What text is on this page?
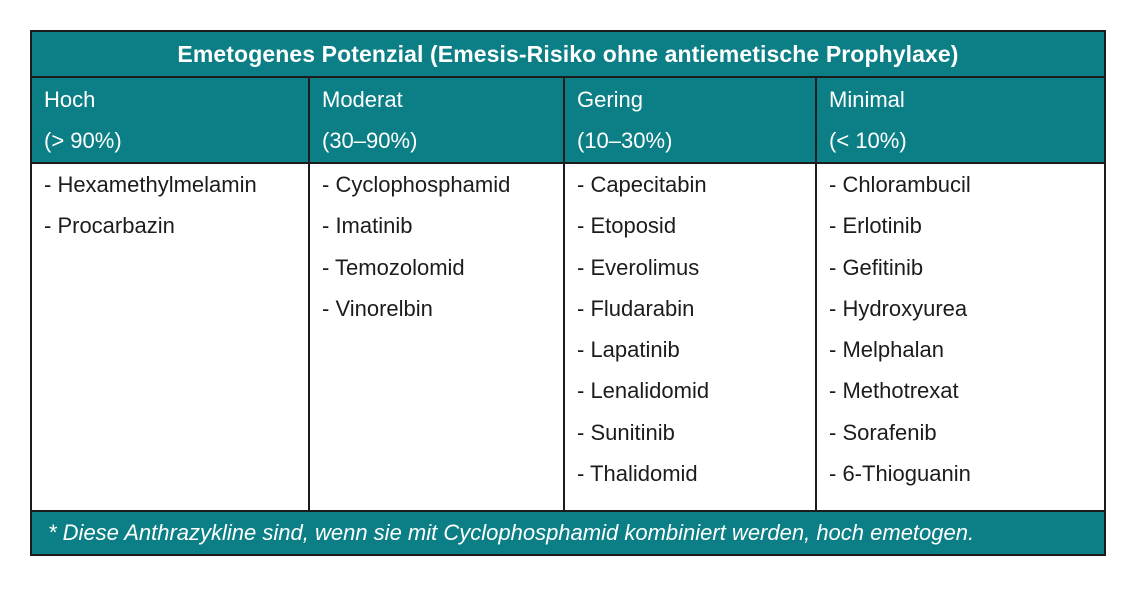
Emetogenes Potenzial (Emesis-Risiko ohne antiemetische Prophylaxe)
Hoch
(> 90%)
Moderat
(30–90%)
Gering
(10–30%)
Minimal
(< 10%)
- Hexamethylmelamin
- Procarbazin
- Cyclophosphamid
- Imatinib
- Temozolomid
- Vinorelbin
- Capecitabin
- Etoposid
- Everolimus
- Fludarabin
- Lapatinib
- Lenalidomid
- Sunitinib
- Thalidomid
- Chlorambucil
- Erlotinib
- Gefitinib
- Hydroxyurea
- Melphalan
- Methotrexat
- Sorafenib
- 6-Thioguanin
* Diese Anthrazykline sind, wenn sie mit Cyclophosphamid kombiniert werden, hoch emetogen.
